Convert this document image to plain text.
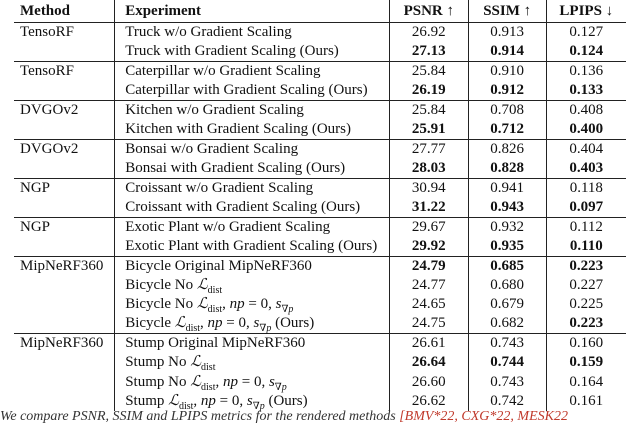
Method	Experiment	PSNR ↑	SSIM ↑	LPIPS ↓
TensoRF	Truck w/o Gradient Scaling	26.92	0.913	0.127
	Truck with Gradient Scaling (Ours)	27.13	0.914	0.124
TensoRF	Caterpillar w/o Gradient Scaling	25.84	0.910	0.136
	Caterpillar with Gradient Scaling (Ours)	26.19	0.912	0.133
DVGOv2	Kitchen w/o Gradient Scaling	25.84	0.708	0.408
	Kitchen with Gradient Scaling (Ours)	25.91	0.712	0.400
DVGOv2	Bonsai w/o Gradient Scaling	27.77	0.826	0.404
	Bonsai with Gradient Scaling (Ours)	28.03	0.828	0.403
NGP	Croissant w/o Gradient Scaling	30.94	0.941	0.118
	Croissant with Gradient Scaling (Ours)	31.22	0.943	0.097
NGP	Exotic Plant w/o Gradient Scaling	29.67	0.932	0.112
	Exotic Plant with Gradient Scaling (Ours)	29.92	0.935	0.110
MipNeRF360	Bicycle Original MipNeRF360	24.79	0.685	0.223
	Bicycle No ℒ$_{dist}$	24.77	0.680	0.227
	Bicycle No ℒ$_{dist}$, np = 0, $s_{\nabla p}$	24.65	0.679	0.225
	Bicycle ℒ$_{dist}$, np = 0, $s_{\nabla p}$ (Ours)	24.75	0.682	0.223
MipNeRF360	Stump Original MipNeRF360	26.61	0.743	0.160
	Stump No ℒ$_{dist}$	26.64	0.744	0.159
	Stump No ℒ$_{dist}$, np = 0, $s_{\nabla p}$	26.60	0.743	0.164
	Stump ℒ$_{dist}$, np = 0, $s_{\nabla p}$ (Ours)	26.62	0.742	0.161
We compare PSNR, SSIM and LPIPS metrics for the rendered methods [BMV*22, CXG*22, MESK22
